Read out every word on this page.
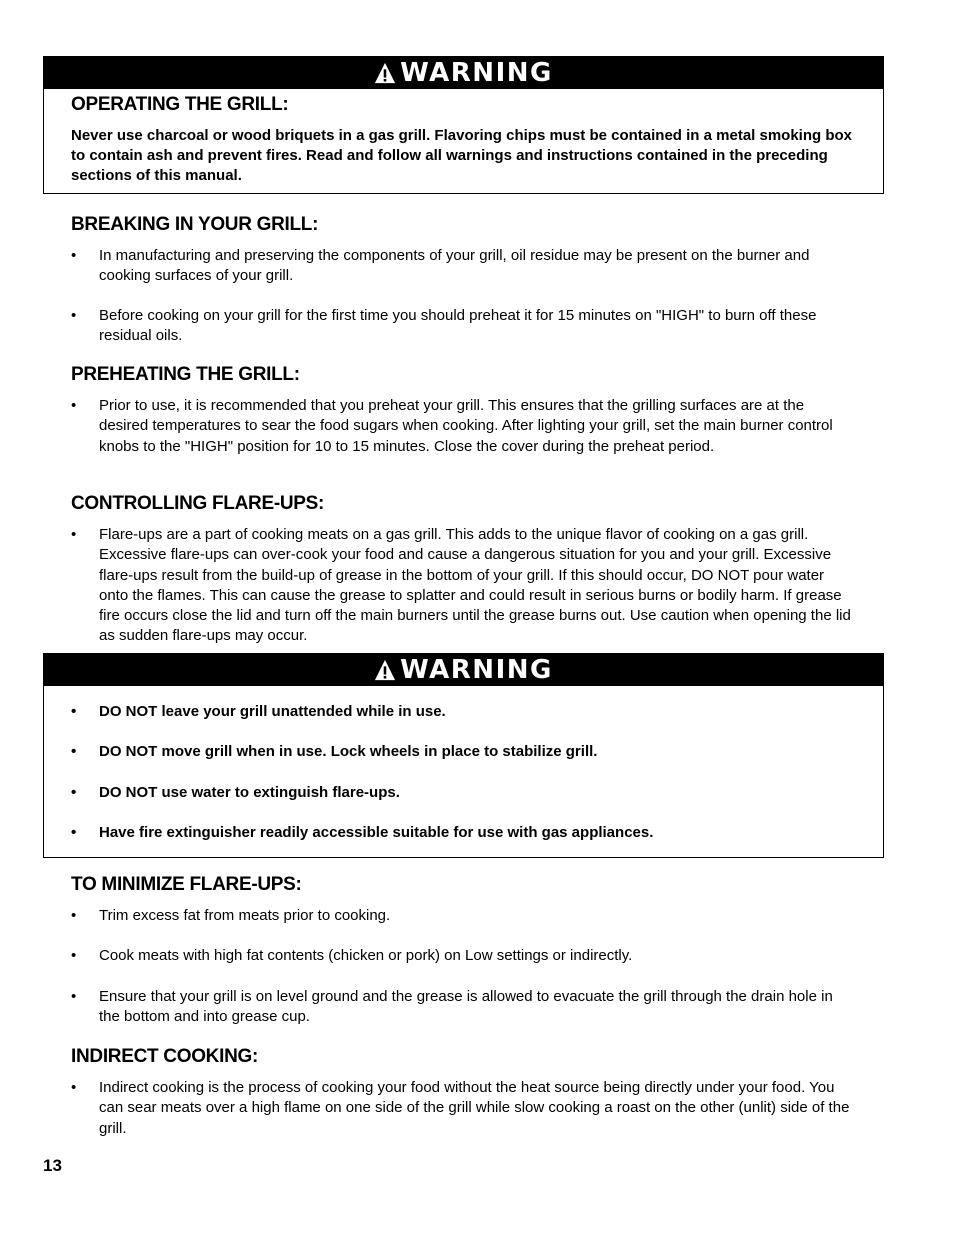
WARNING
OPERATING THE GRILL:

Never use charcoal or wood briquets in a gas grill. Flavoring chips must be contained in a metal smoking box to contain ash and prevent fires. Read and follow all warnings and instructions contained in the preceding sections of this manual.

BREAKING IN YOUR GRILL:
• In manufacturing and preserving the components of your grill, oil residue may be present on the burner and cooking surfaces of your grill.
• Before cooking on your grill for the first time you should preheat it for 15 minutes on "HIGH" to burn off these residual oils.
PREHEATING THE GRILL:
• Prior to use, it is recommended that you preheat your grill. This ensures that the grilling surfaces are at the desired temperatures to sear the food sugars when cooking. After lighting your grill, set the main burner control knobs to the "HIGH" position for 10 to 15 minutes. Close the cover during the preheat period.
CONTROLLING FLARE-UPS:
• Flare-ups are a part of cooking meats on a gas grill. This adds to the unique flavor of cooking on a gas grill. Excessive flare-ups can over-cook your food and cause a dangerous situation for you and your grill. Excessive flare-ups result from the build-up of grease in the bottom of your grill. If this should occur, DO NOT pour water onto the flames. This can cause the grease to splatter and could result in serious burns or bodily harm. If grease fire occurs close the lid and turn off the main burners until the grease burns out. Use caution when opening the lid as sudden flare-ups may occur.
WARNING
• DO NOT leave your grill unattended while in use.
• DO NOT move grill when in use. Lock wheels in place to stabilize grill.
• DO NOT use water to extinguish flare-ups.
• Have fire extinguisher readily accessible suitable for use with gas appliances.
TO MINIMIZE FLARE-UPS:
• Trim excess fat from meats prior to cooking.
• Cook meats with high fat contents (chicken or pork) on Low settings or indirectly.
• Ensure that your grill is on level ground and the grease is allowed to evacuate the grill through the drain hole in the bottom and into grease cup.
INDIRECT COOKING:
• Indirect cooking is the process of cooking your food without the heat source being directly under your food. You can sear meats over a high flame on one side of the grill while slow cooking a roast on the other (unlit) side of the grill.
13
